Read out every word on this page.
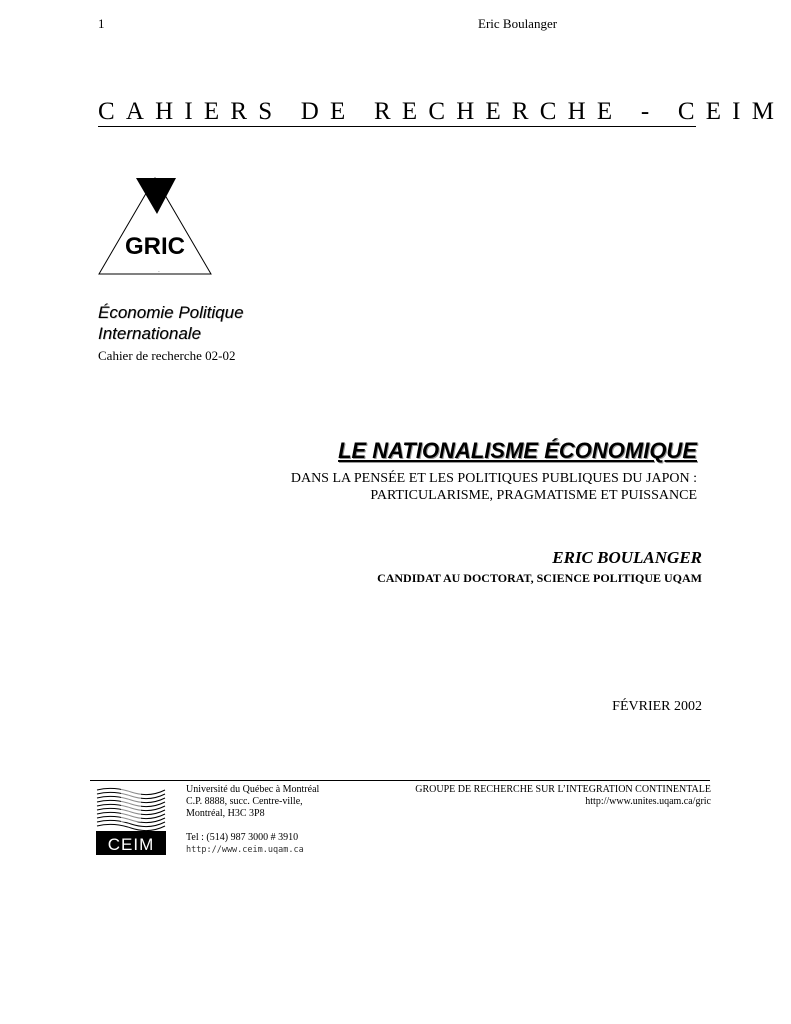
1	Eric Boulanger
CAHIERS DE RECHERCHE - CEIM
GRIC
.
Économie Politique
Internationale
Cahier de recherche 02-02
LE NATIONALISME ÉCONOMIQUE
DANS LA PENSÉE ET LES POLITIQUES PUBLIQUES DU JAPON :
PARTICULARISME, PRAGMATISME ET PUISSANCE
ERIC BOULANGER
CANDIDAT AU DOCTORAT, SCIENCE POLITIQUE UQAM
FÉVRIER 2002
CEIM
Université du Québec à Montréal
C.P. 8888, succ. Centre-ville,
Montréal, H3C 3P8
Tel : (514) 987 3000 # 3910
http://www.ceim.uqam.ca
GROUPE DE RECHERCHE SUR L’INTEGRATION CONTINENTALE
http://www.unites.uqam.ca/gric
